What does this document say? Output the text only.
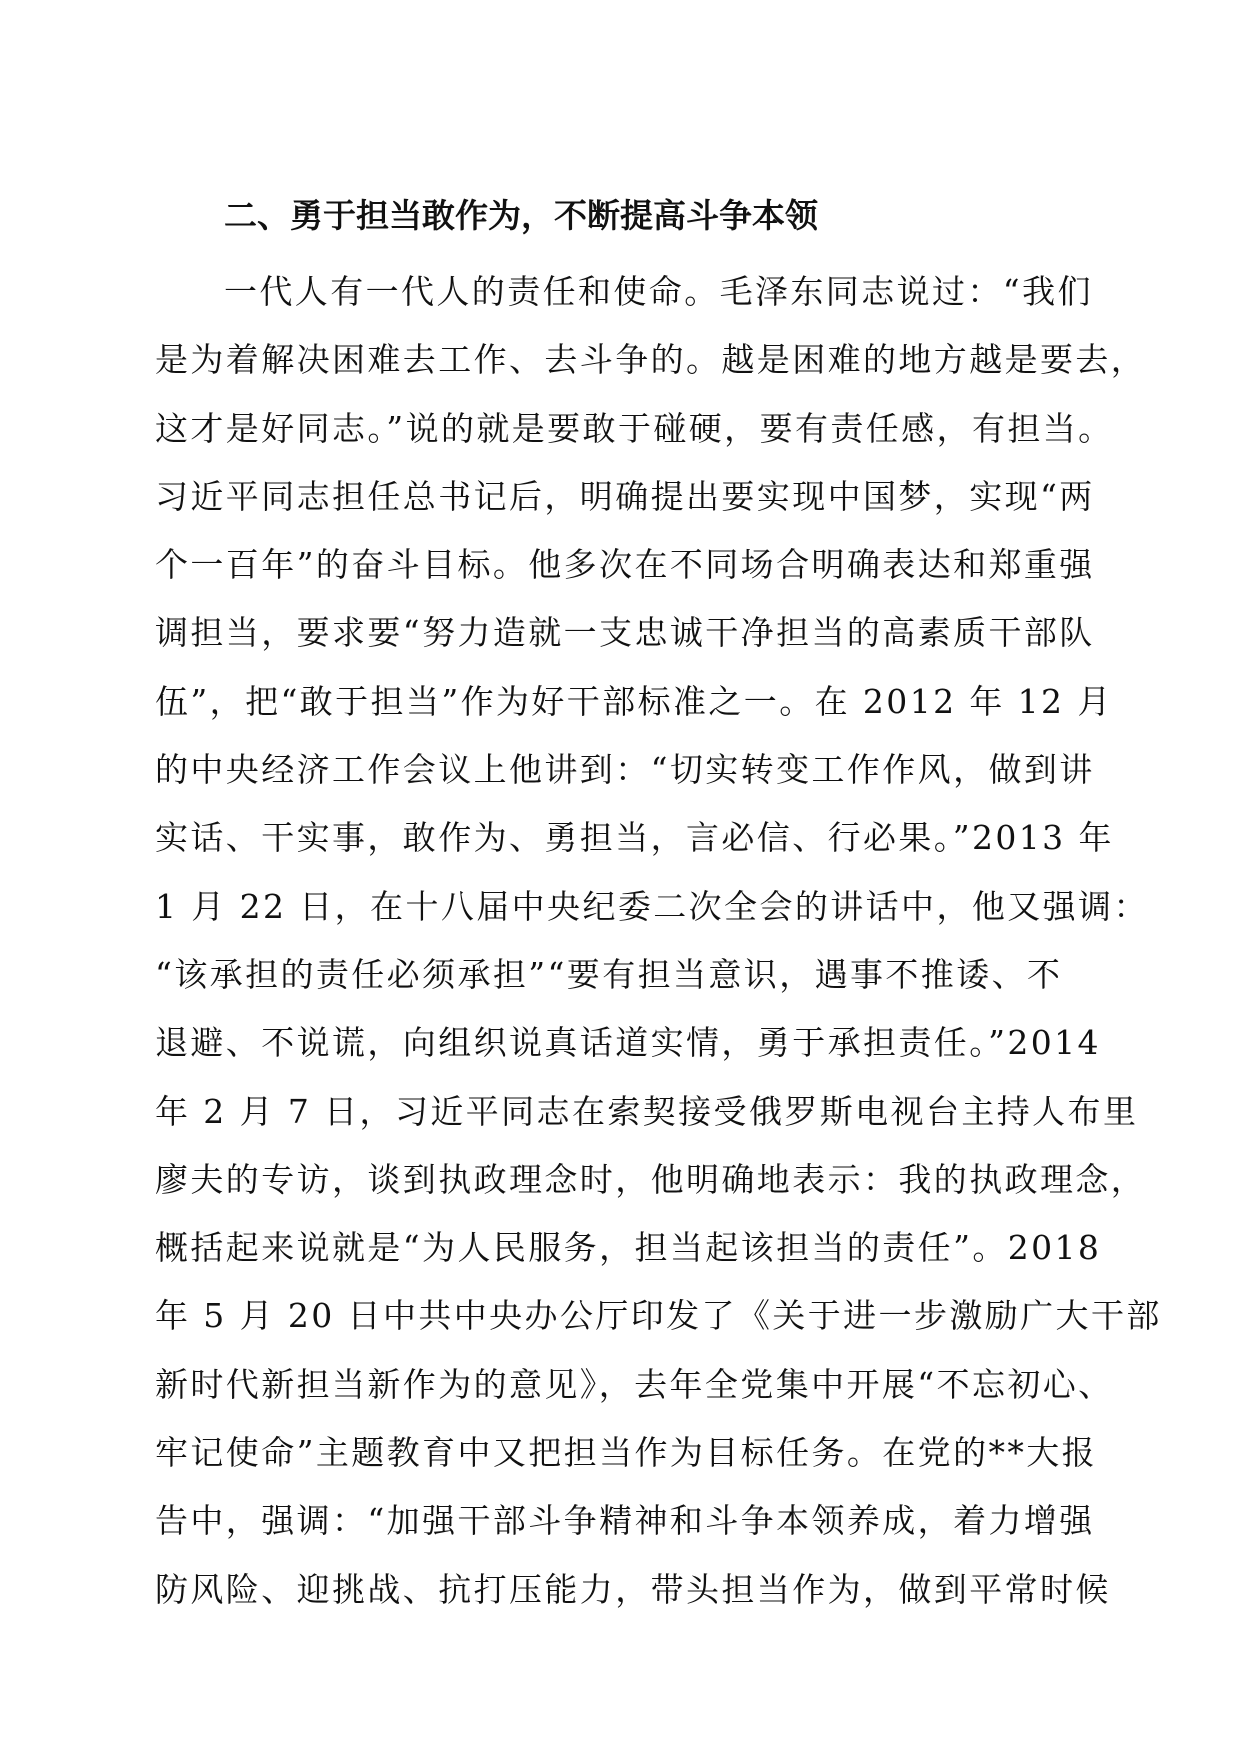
二、勇于担当敢作为，不断提高斗争本领
一代人有一代人的责任和使命。毛泽东同志说过：“我们
是为着解决困难去工作、去斗争的。越是困难的地方越是要去，
这才是好同志。”说的就是要敢于碰硬，要有责任感，有担当。
习近平同志担任总书记后，明确提出要实现中国梦，实现“两
个一百年”的奋斗目标。他多次在不同场合明确表达和郑重强
调担当，要求要“努力造就一支忠诚干净担当的高素质干部队
伍”，把“敢于担当”作为好干部标准之一。在 2012 年 12 月
的中央经济工作会议上他讲到：“切实转变工作作风，做到讲
实话、干实事，敢作为、勇担当，言必信、行必果。”2013 年
1 月 22 日，在十八届中央纪委二次全会的讲话中，他又强调：
“该承担的责任必须承担”“要有担当意识，遇事不推诿、不
退避、不说谎，向组织说真话道实情，勇于承担责任。”2014
年 2 月 7 日，习近平同志在索契接受俄罗斯电视台主持人布里
廖夫的专访，谈到执政理念时，他明确地表示：我的执政理念，
概括起来说就是“为人民服务，担当起该担当的责任”。2018
年 5 月 20 日中共中央办公厅印发了《关于进一步激励广大干部
新时代新担当新作为的意见》，去年全党集中开展“不忘初心、
牢记使命”主题教育中又把担当作为目标任务。在党的**大报
告中，强调：“加强干部斗争精神和斗争本领养成，着力增强
防风险、迎挑战、抗打压能力，带头担当作为，做到平常时候
